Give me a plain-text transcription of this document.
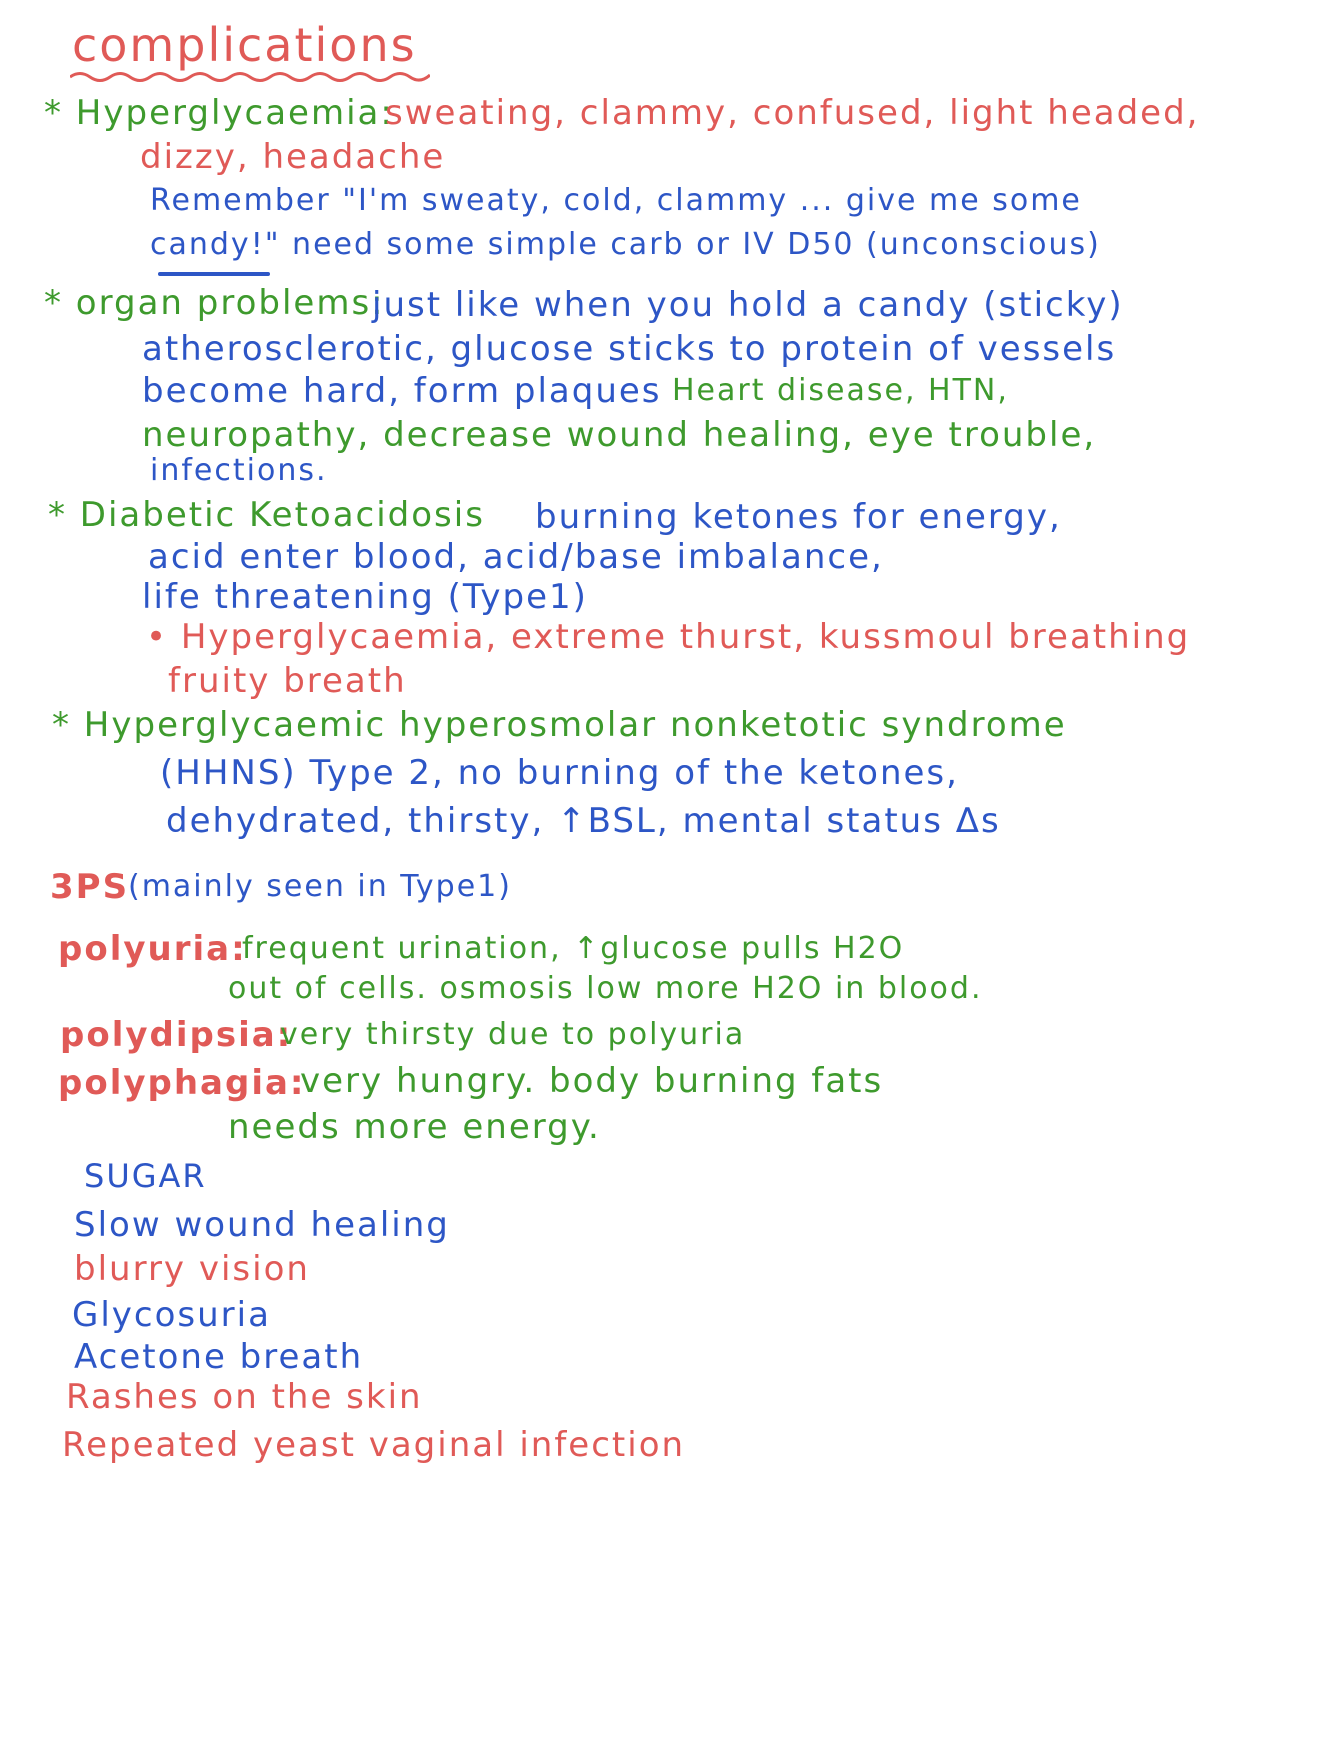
complications
* Hyperglycaemia:
sweating, clammy, confused, light headed,
dizzy, headache
Remember "I'm sweaty, cold, clammy ... give me some
candy!" need some simple carb or IV D50 (unconscious)
* organ problems:
just like when you hold a candy (sticky)
atherosclerotic, glucose sticks to protein of vessels
become hard, form plaques Heart disease, HTN,
neuropathy, decrease wound healing, eye trouble,
infections.
* Diabetic Ketoacidosis burning ketones for energy,
acid enter blood, acid/base imbalance,
life threatening (Type1)
• Hyperglycaemia, extreme thurst, kussmoul breathing
fruity breath
* Hyperglycaemic hyperosmolar nonketotic syndrome
(HHNS) Type 2, no burning of the ketones,
dehydrated, thirsty, ↑BSL, mental status Δs
3PS
(mainly seen in Type1)
polyuria:
frequent urination, ↑glucose pulls H2O
out of cells. osmosis low more H2O in blood.
polydipsia:
very thirsty due to polyuria
polyphagia:
very hungry. body burning fats
needs more energy.
SUGAR
Slow wound healing
blurry vision
Glycosuria
Acetone breath
Rashes on the skin
Repeated yeast vaginal infection
